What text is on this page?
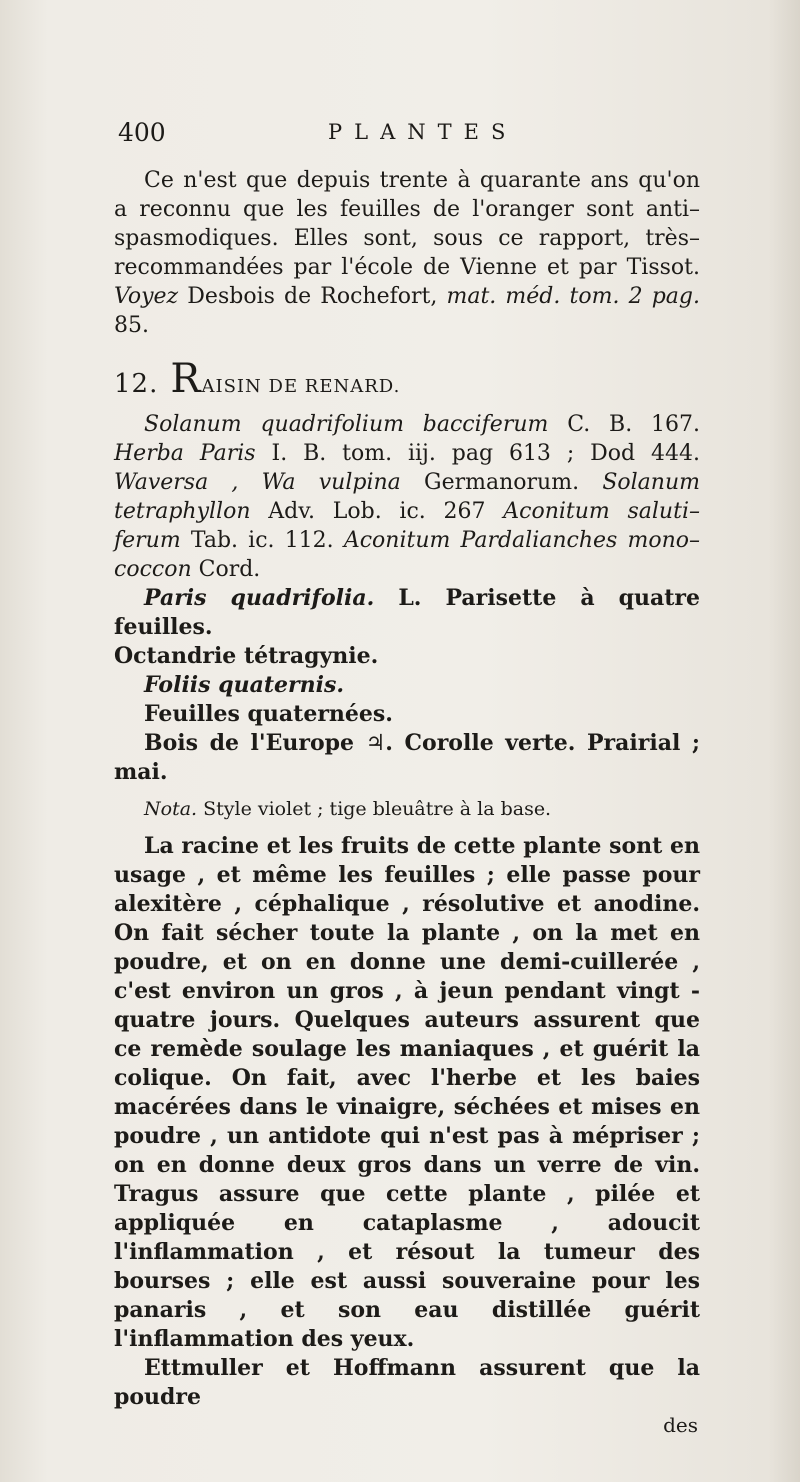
400	PLANTES

Ce n'est que depuis trente à quarante ans qu'on a reconnu que les feuilles de l'oranger sont anti–spasmodiques. Elles sont, sous ce rapport, très–recommandées par l'école de Vienne et par Tissot. Voyez Desbois de Rochefort, mat. méd. tom. 2 pag. 85.

12. RAISIN DE RENARD.

Solanum quadrifolium bacciferum C. B. 167. Herba Paris I. B. tom. iij. pag 613 ; Dod 444. Waversa , Wa vulpina Germanorum. Solanum tetraphyllon Adv. Lob. ic. 267 Aconitum saluti–ferum Tab. ic. 112. Aconitum Pardalianches mono–coccon Cord.

Paris quadrifolia. L. Parisette à quatre feuilles.

Octandrie tétragynie.

Foliis quaternis.

Feuilles quaternées.

Bois de l'Europe ♃. Corolle verte. Prairial ; mai.

Nota. Style violet ; tige bleuâtre à la base.

La racine et les fruits de cette plante sont en usage , et même les feuilles ; elle passe pour alexitère , céphalique , résolutive et anodine. On fait sécher toute la plante , on la met en poudre, et on en donne une demi-cuillerée , c'est environ un gros , à jeun pendant vingt - quatre jours. Quelques auteurs assurent que ce remède soulage les maniaques , et guérit la colique. On fait, avec l'herbe et les baies macérées dans le vinaigre, séchées et mises en poudre , un antidote qui n'est pas à mépriser ; on en donne deux gros dans un verre de vin. Tragus assure que cette plante , pilée et appliquée en cataplasme , adoucit l'inflammation , et résout la tumeur des bourses ; elle est aussi souveraine pour les panaris , et son eau distillée guérit l'inflammation des yeux.

Ettmuller et Hoffmann assurent que la poudre

des
